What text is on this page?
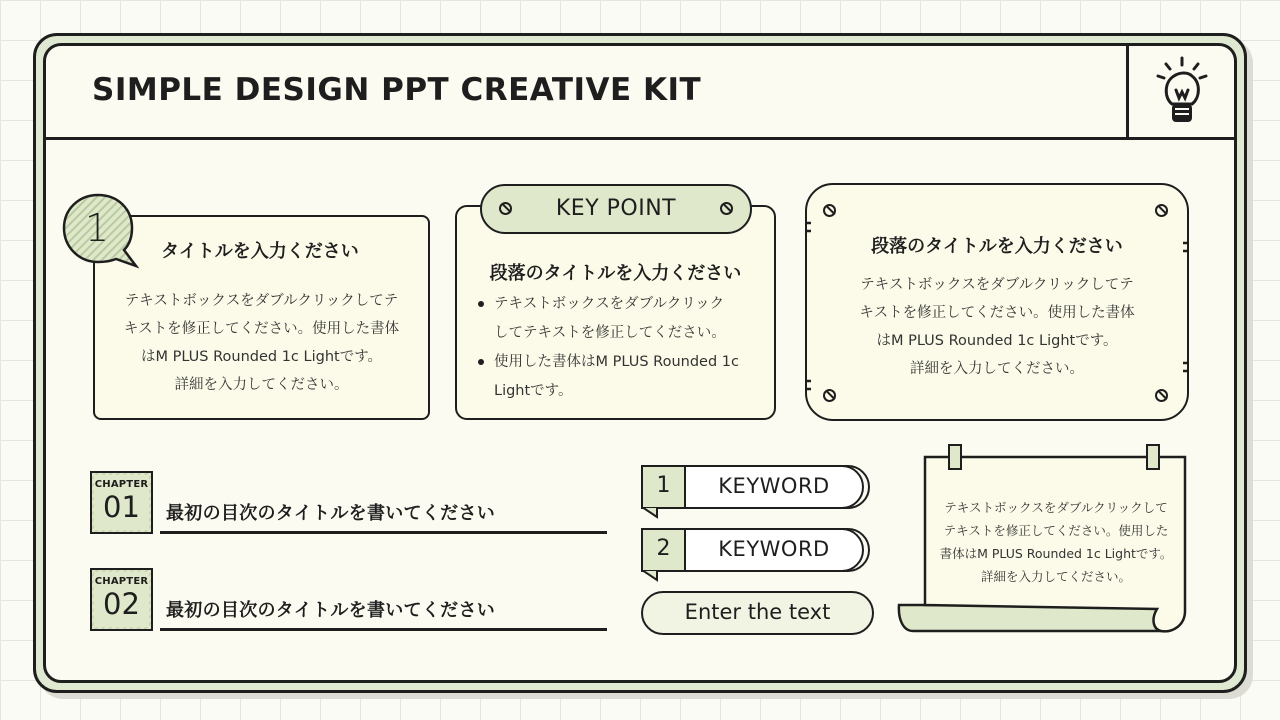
SIMPLE DESIGN PPT CREATIVE KIT
1
タイトルを入力ください
テキストボックスをダブルクリックしてテ
キストを修正してください。使用した書体
はM PLUS Rounded 1c Lightです。
詳細を入力してください。
KEY POINT
段落のタイトルを入力ください
テキストボックスをダブルクリック
してテキストを修正してください。
使用した書体はM PLUS Rounded 1c
Lightです。
段落のタイトルを入力ください
テキストボックスをダブルクリックしてテ
キストを修正してください。使用した書体
はM PLUS Rounded 1c Lightです。
詳細を入力してください。
CHAPTER
01	最初の目次のタイトルを書いてください
CHAPTER
02	最初の目次のタイトルを書いてください
KEYWORD
1
KEYWORD
2
Enter the text
テキストボックスをダブルクリックして
テキストを修正してください。使用した
書体はM PLUS Rounded 1c Lightです。
詳細を入力してください。
